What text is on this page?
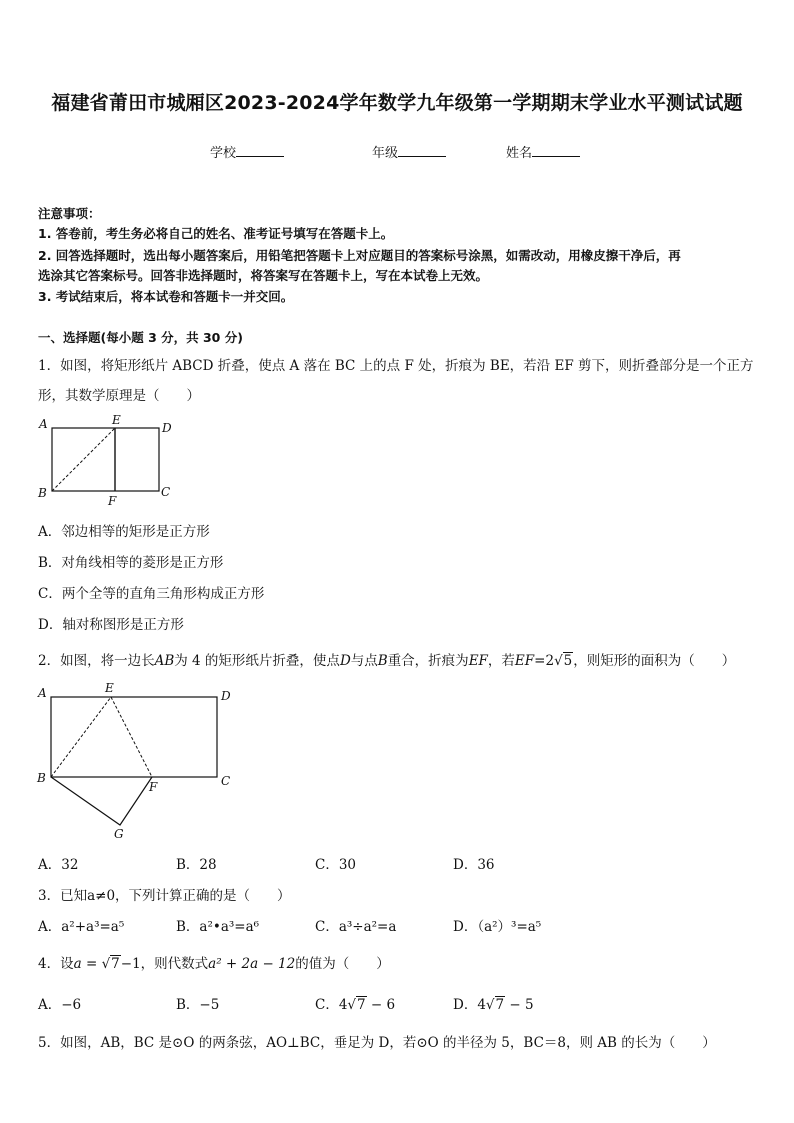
福建省莆田市城厢区2023-2024学年数学九年级第一学期期末学业水平测试试题
学校	年级	姓名
注意事项：
1. 答卷前，考生务必将自己的姓名、准考证号填写在答题卡上。
2. 回答选择题时，选出每小题答案后，用铅笔把答题卡上对应题目的答案标号涂黑，如需改动，用橡皮擦干净后，再
选涂其它答案标号。回答非选择题时，将答案写在答题卡上，写在本试卷上无效。
3. 考试结束后，将本试卷和答题卡一并交回。
一、选择题(每小题 3 分，共 30 分)
1．如图，将矩形纸片 ABCD 折叠，使点 A 落在 BC 上的点 F 处，折痕为 BE，若沿 EF 剪下，则折叠部分是一个正方
形，其数学原理是（　　）
A	E
D
B
F
C
A．邻边相等的矩形是正方形
B．对角线相等的菱形是正方形
C．两个全等的直角三角形构成正方形
D．轴对称图形是正方形
2．如图，将一边长AB为 4 的矩形纸片折叠，使点D与点B重合，折痕为EF，若EF=2√5，则矩形的面积为（　　）
A	E
D
B
F	C
G
A．32	B．28	C．30	D．36
3．已知a≠0，下列计算正确的是（　　）
A．a²+a³=a⁵	B．a²•a³=a⁶	C．a³÷a²=a	D．（a²）³=a⁵
4．设a = √7−1，则代数式a² + 2a − 12的值为（　　）
A．−6	B．−5	C．4√7 − 6	D．4√7 − 5
5．如图，AB，BC 是⊙O 的两条弦，AO⊥BC，垂足为 D，若⊙O 的半径为 5，BC＝8，则 AB 的长为（　　）
